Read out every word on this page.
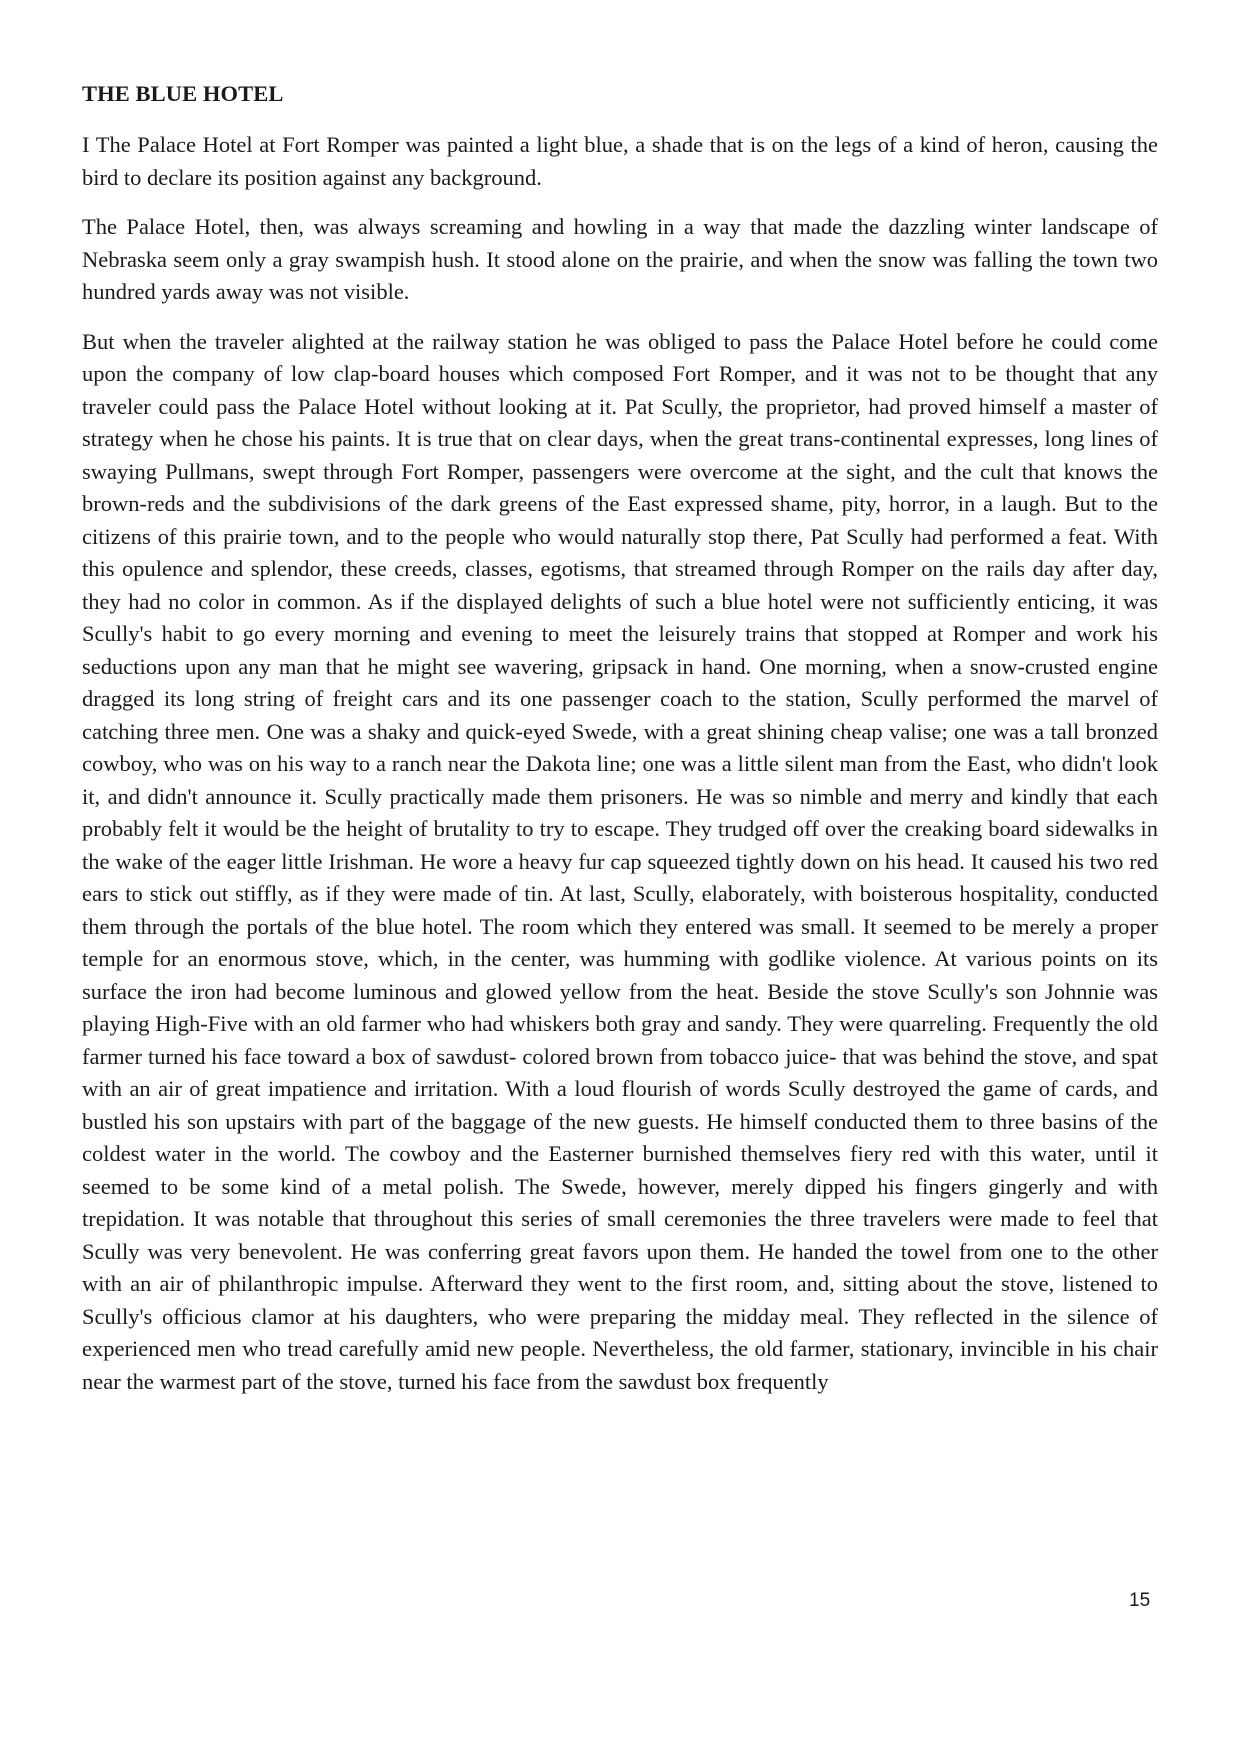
THE BLUE HOTEL

I The Palace Hotel at Fort Romper was painted a light blue, a shade that is on the legs of a kind of heron, causing the bird to declare its position against any background.

The Palace Hotel, then, was always screaming and howling in a way that made the dazzling winter landscape of Nebraska seem only a gray swampish hush. It stood alone on the prairie, and when the snow was falling the town two hundred yards away was not visible.

But when the traveler alighted at the railway station he was obliged to pass the Palace Hotel before he could come upon the company of low clap-board houses which composed Fort Romper, and it was not to be thought that any traveler could pass the Palace Hotel without looking at it. Pat Scully, the proprietor, had proved himself a master of strategy when he chose his paints. It is true that on clear days, when the great trans-continental expresses, long lines of swaying Pullmans, swept through Fort Romper, passengers were overcome at the sight, and the cult that knows the brown-reds and the subdivisions of the dark greens of the East expressed shame, pity, horror, in a laugh. But to the citizens of this prairie town, and to the people who would naturally stop there, Pat Scully had performed a feat. With this opulence and splendor, these creeds, classes, egotisms, that streamed through Romper on the rails day after day, they had no color in common. As if the displayed delights of such a blue hotel were not sufficiently enticing, it was Scully's habit to go every morning and evening to meet the leisurely trains that stopped at Romper and work his seductions upon any man that he might see wavering, gripsack in hand. One morning, when a snow-crusted engine dragged its long string of freight cars and its one passenger coach to the station, Scully performed the marvel of catching three men. One was a shaky and quick-eyed Swede, with a great shining cheap valise; one was a tall bronzed cowboy, who was on his way to a ranch near the Dakota line; one was a little silent man from the East, who didn't look it, and didn't announce it. Scully practically made them prisoners. He was so nimble and merry and kindly that each probably felt it would be the height of brutality to try to escape. They trudged off over the creaking board sidewalks in the wake of the eager little Irishman. He wore a heavy fur cap squeezed tightly down on his head. It caused his two red ears to stick out stiffly, as if they were made of tin. At last, Scully, elaborately, with boisterous hospitality, conducted them through the portals of the blue hotel. The room which they entered was small. It seemed to be merely a proper temple for an enormous stove, which, in the center, was humming with godlike violence. At various points on its surface the iron had become luminous and glowed yellow from the heat. Beside the stove Scully's son Johnnie was playing High-Five with an old farmer who had whiskers both gray and sandy. They were quarreling. Frequently the old farmer turned his face toward a box of sawdust- colored brown from tobacco juice- that was behind the stove, and spat with an air of great impatience and irritation. With a loud flourish of words Scully destroyed the game of cards, and bustled his son upstairs with part of the baggage of the new guests. He himself conducted them to three basins of the coldest water in the world. The cowboy and the Easterner burnished themselves fiery red with this water, until it seemed to be some kind of a metal polish. The Swede, however, merely dipped his fingers gingerly and with trepidation. It was notable that throughout this series of small ceremonies the three travelers were made to feel that Scully was very benevolent. He was conferring great favors upon them. He handed the towel from one to the other with an air of philanthropic impulse. Afterward they went to the first room, and, sitting about the stove, listened to Scully's officious clamor at his daughters, who were preparing the midday meal. They reflected in the silence of experienced men who tread carefully amid new people. Nevertheless, the old farmer, stationary, invincible in his chair near the warmest part of the stove, turned his face from the sawdust box frequently

15
